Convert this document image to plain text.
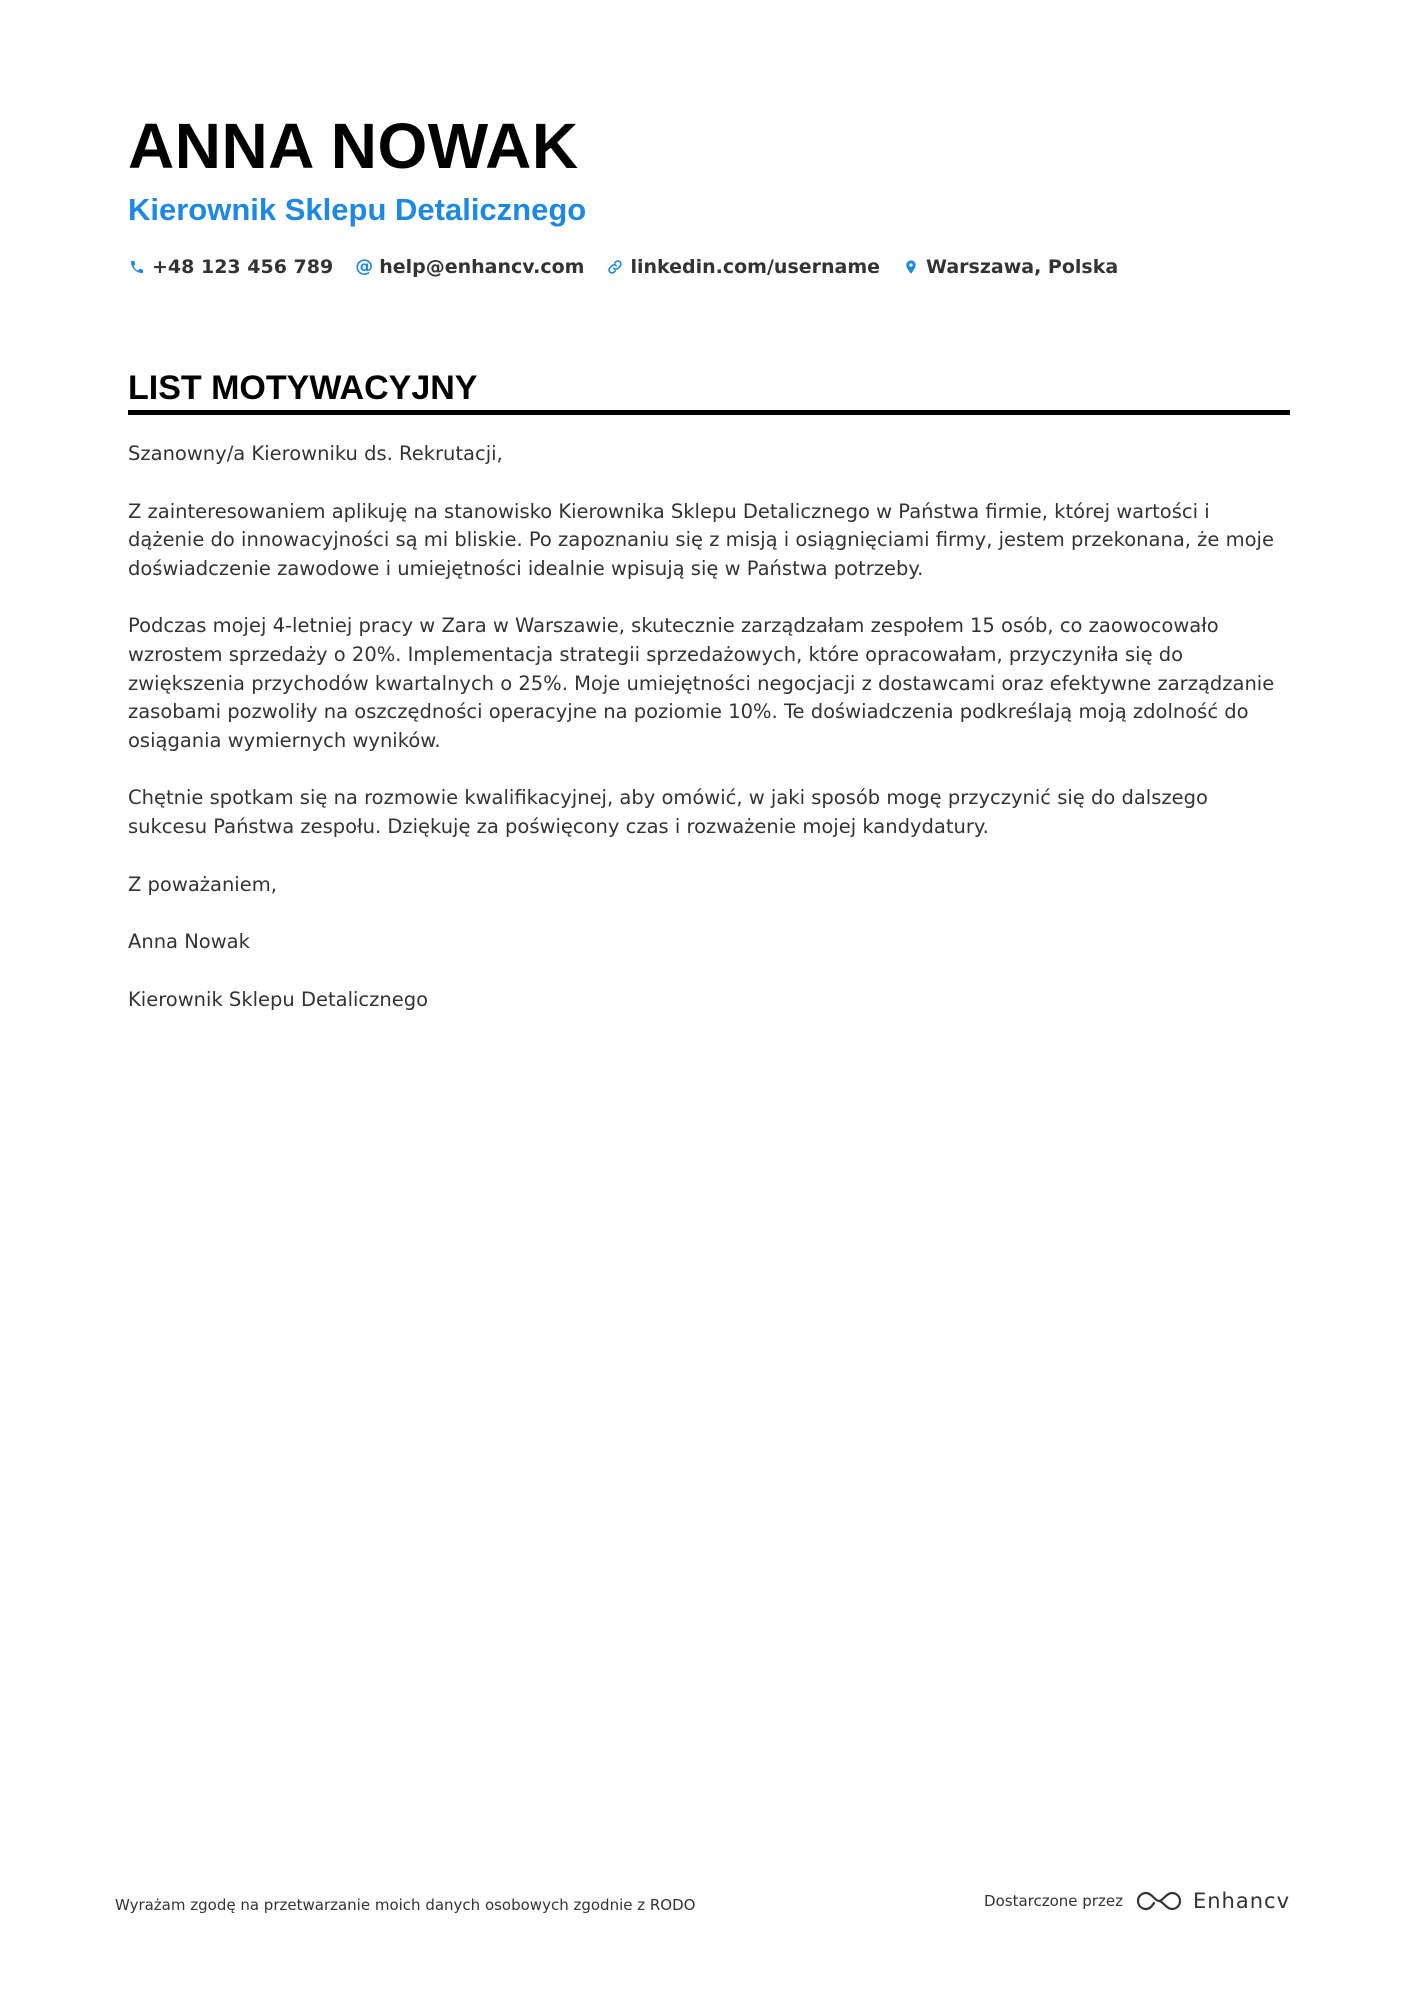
ANNA NOWAK
Kierownik Sklepu Detalicznego
+48 123 456 789 @ help@enhancv.com linkedin.com/username Warszawa, Polska
LIST MOTYWACYJNY

Szanowny/a Kierowniku ds. Rekrutacji,

Z zainteresowaniem aplikuję na stanowisko Kierownika Sklepu Detalicznego w Państwa firmie, której wartości i dążenie do innowacyjności są mi bliskie. Po zapoznaniu się z misją i osiągnięciami firmy, jestem przekonana, że moje doświadczenie zawodowe i umiejętności idealnie wpisują się w Państwa potrzeby.

Podczas mojej 4-letniej pracy w Zara w Warszawie, skutecznie zarządzałam zespołem 15 osób, co zaowocowało wzrostem sprzedaży o 20%. Implementacja strategii sprzedażowych, które opracowałam, przyczyniła się do zwiększenia przychodów kwartalnych o 25%. Moje umiejętności negocjacji z dostawcami oraz efektywne zarządzanie zasobami pozwoliły na oszczędności operacyjne na poziomie 10%. Te doświadczenia podkreślają moją zdolność do osiągania wymiernych wyników.

Chętnie spotkam się na rozmowie kwalifikacyjnej, aby omówić, w jaki sposób mogę przyczynić się do dalszego sukcesu Państwa zespołu. Dziękuję za poświęcony czas i rozważenie mojej kandydatury.

Z poważaniem,

Anna Nowak

Kierownik Sklepu Detalicznego

Wyrażam zgodę na przetwarzanie moich danych osobowych zgodnie z RODO	Dostarczone przez	Enhancv
